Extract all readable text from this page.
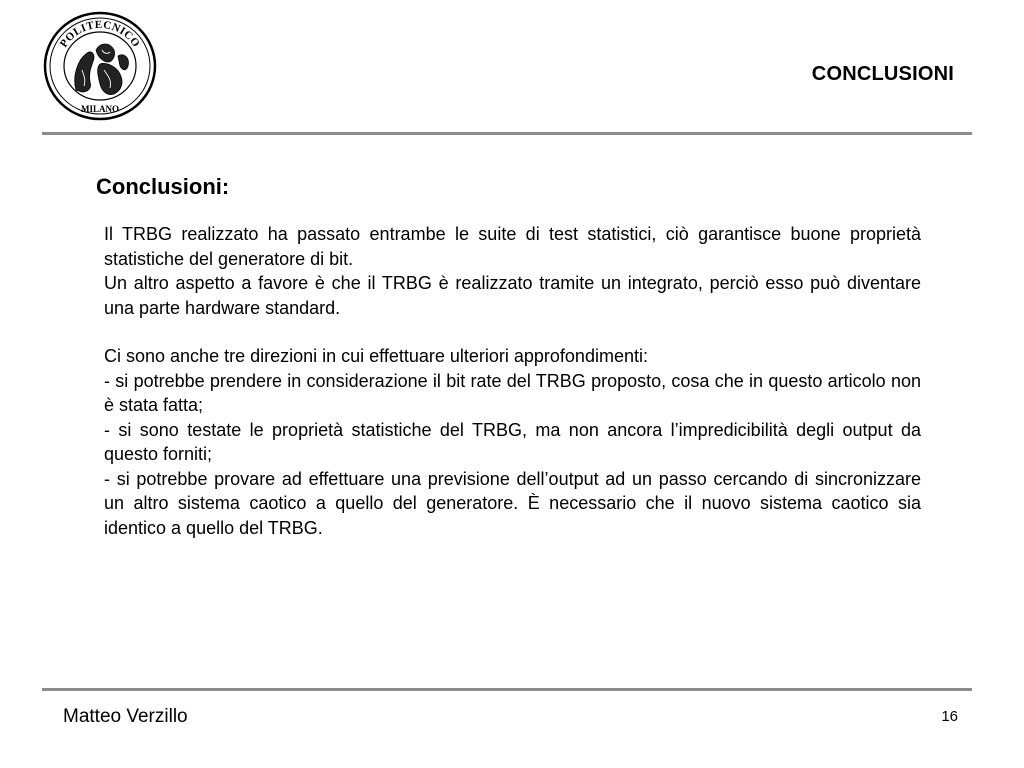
POLITECNICO
MILANO
CONCLUSIONI
Conclusioni:

Il TRBG realizzato ha passato entrambe le suite di test statistici, ciò garantisce buone proprietà statistiche del generatore di bit.

Un altro aspetto a favore è che il TRBG è realizzato tramite un integrato, perciò esso può diventare una parte hardware standard.

Ci sono anche tre direzioni in cui effettuare ulteriori approfondimenti:

- si potrebbe prendere in considerazione il bit rate del TRBG proposto, cosa che in questo articolo non è stata fatta;

- si sono testate le proprietà statistiche del TRBG, ma non ancora l’impredicibilità degli output da questo forniti;

- si potrebbe provare ad effettuare una previsione dell’output ad un passo cercando di sincronizzare un altro sistema caotico a quello del generatore. È necessario che il nuovo sistema caotico sia identico a quello del TRBG.

Matteo Verzillo	16
